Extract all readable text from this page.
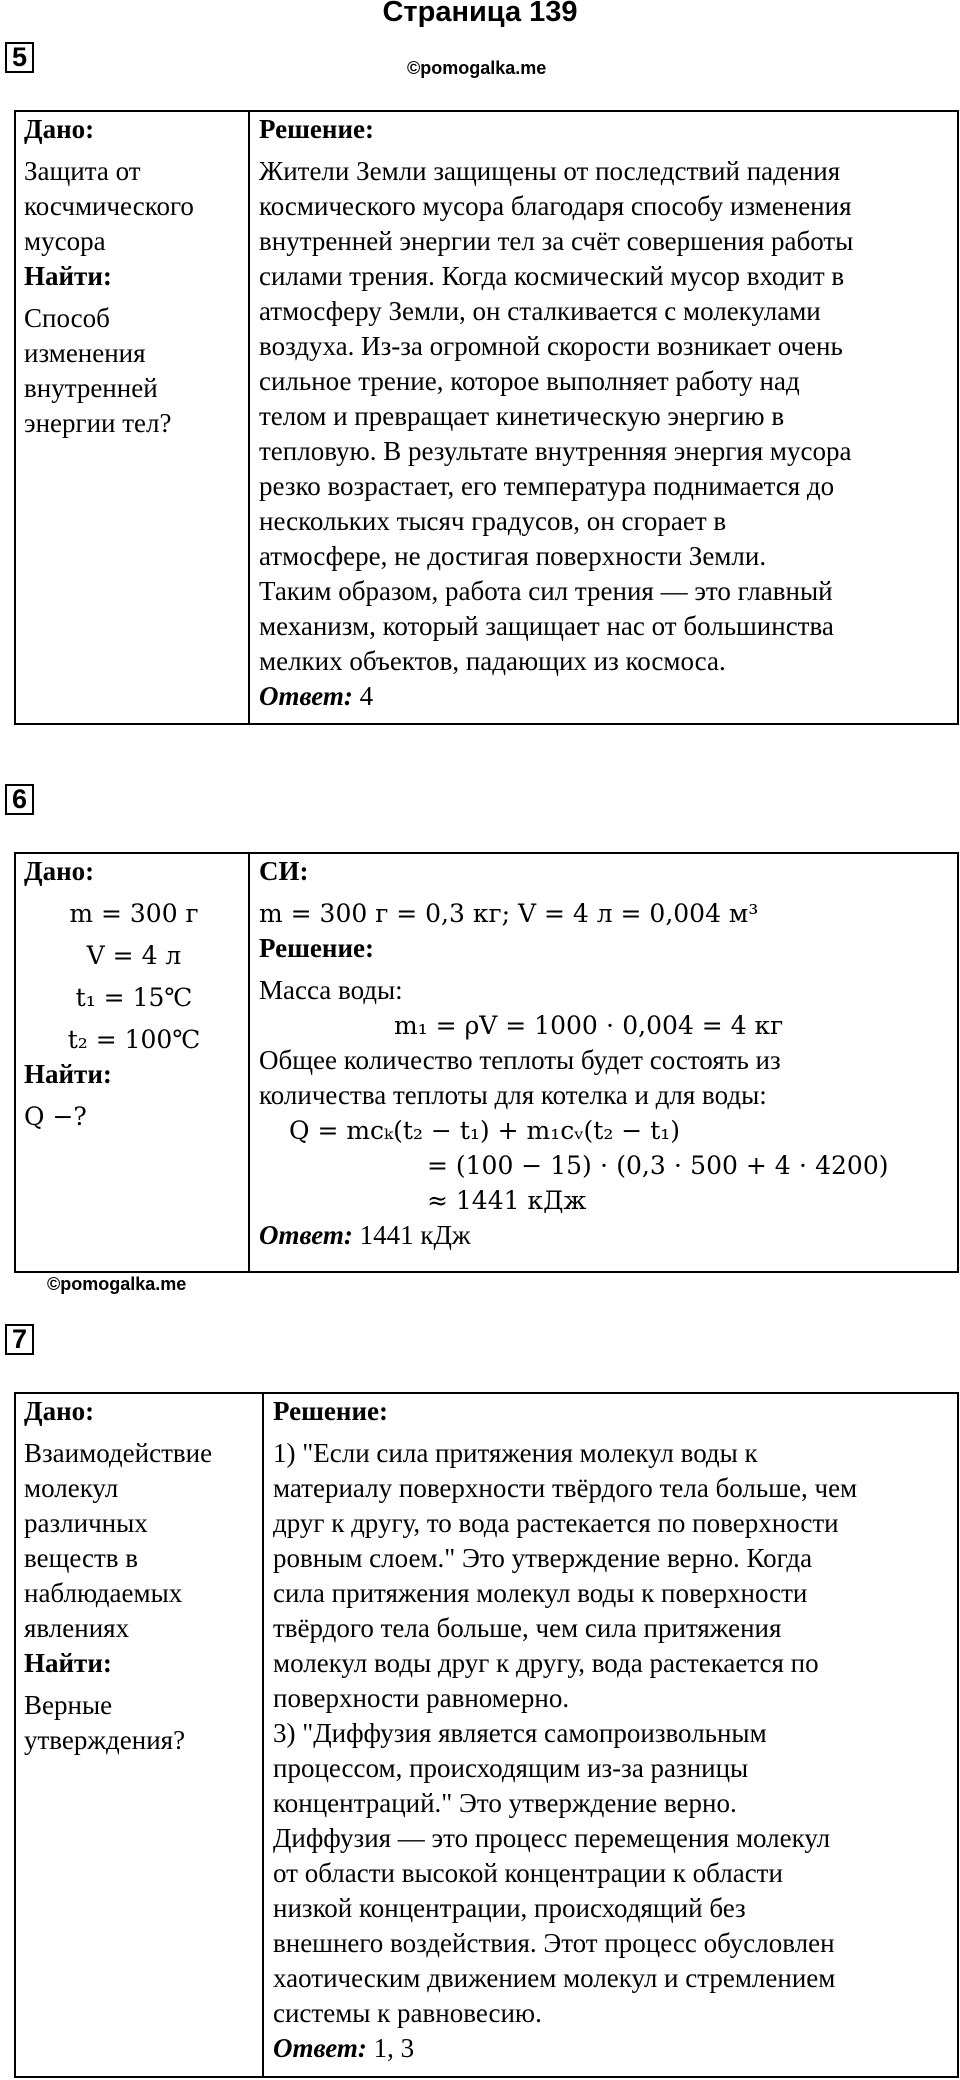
Страница 139
5	©pomogalka.me
Дано:
Защита от
косчмического
мусора
Найти:
Способ
изменения
внутренней
энергии тел?
Решение:
Жители Земли защищены от последствий падения
космического мусора благодаря способу изменения
внутренней энергии тел за счёт совершения работы
силами трения. Когда космический мусор входит в
атмосферу Земли, он сталкивается с молекулами
воздуха. Из-за огромной скорости возникает очень
сильное трение, которое выполняет работу над
телом и превращает кинетическую энергию в
тепловую. В результате внутренняя энергия мусора
резко возрастает, его температура поднимается до
нескольких тысяч градусов, он сгорает в
атмосфере, не достигая поверхности Земли.
Таким образом, работа сил трения — это главный
механизм, который защищает нас от большинства
мелких объектов, падающих из космоса.
Ответ: 4
6
Дано:
m = 300 г
V = 4 л
t₁ = 15℃
t₂ = 100℃
Найти:
Q −?
СИ:
m = 300 г = 0,3 кг; V = 4 л = 0,004 м³
Решение:
Масса воды:
m₁ = ρV = 1000 ⋅ 0,004 = 4 кг
Общее количество теплоты будет состоять из
количества теплоты для котелка и для воды:
Q = mcₖ(t₂ − t₁) + m₁cᵥ(t₂ − t₁)
= (100 − 15) ⋅ (0,3 ⋅ 500 + 4 ⋅ 4200)
≈ 1441 кДж
Ответ: 1441 кДж
©pomogalka.me
7
Дано:
Взаимодействие
молекул
различных
веществ в
наблюдаемых
явлениях
Найти:
Верные
утверждения?
Решение:
1) "Если сила притяжения молекул воды к
материалу поверхности твёрдого тела больше, чем
друг к другу, то вода растекается по поверхности
ровным слоем." Это утверждение верно. Когда
сила притяжения молекул воды к поверхности
твёрдого тела больше, чем сила притяжения
молекул воды друг к другу, вода растекается по
поверхности равномерно.
3) "Диффузия является самопроизвольным
процессом, происходящим из-за разницы
концентраций." Это утверждение верно.
Диффузия — это процесс перемещения молекул
от области высокой концентрации к области
низкой концентрации, происходящий без
внешнего воздействия. Этот процесс обусловлен
хаотическим движением молекул и стремлением
системы к равновесию.
Ответ: 1, 3
